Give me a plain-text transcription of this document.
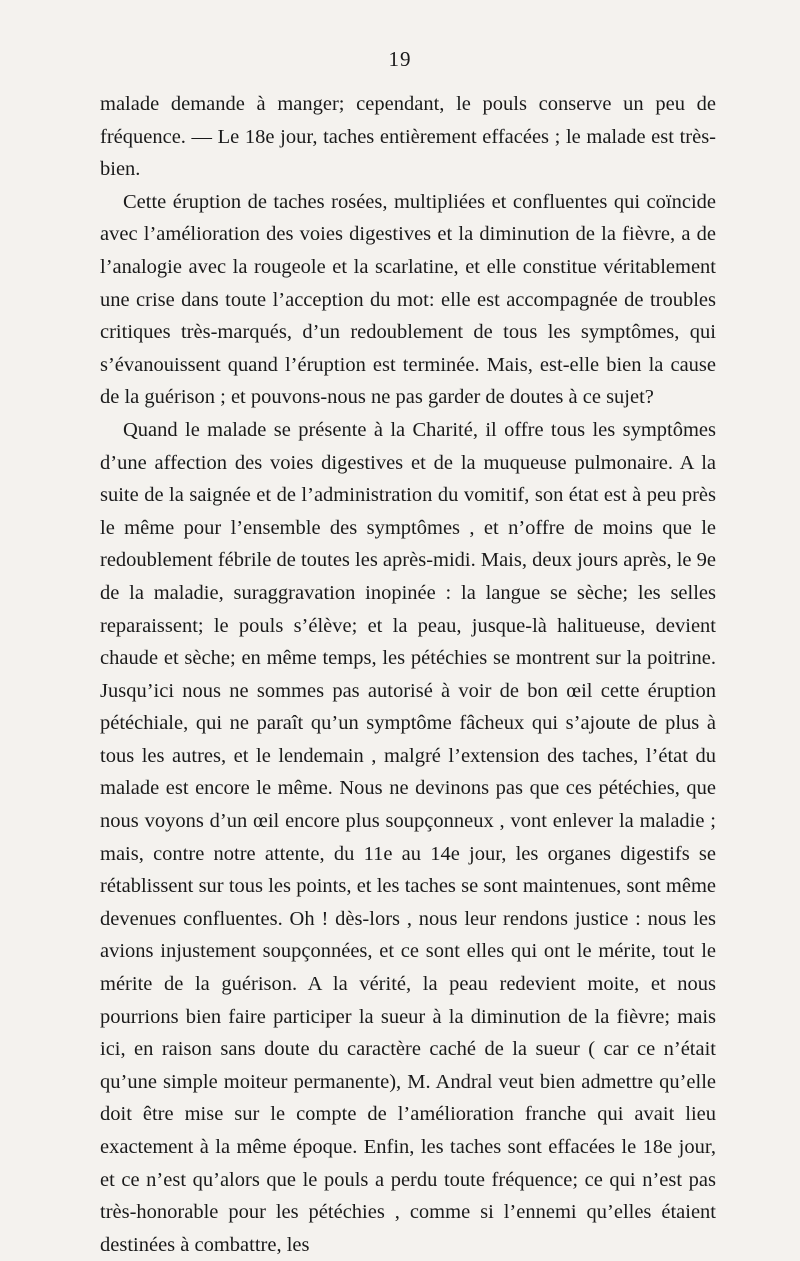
19

malade demande à manger; cependant, le pouls conserve un peu de fréquence. — Le 18e jour, taches entièrement effacées ; le malade est très-bien.

Cette éruption de taches rosées, multipliées et confluentes qui coïncide avec l’amélioration des voies digestives et la diminution de la fièvre, a de l’analogie avec la rougeole et la scarlatine, et elle constitue véritablement une crise dans toute l’acception du mot: elle est accompagnée de troubles critiques très-marqués, d’un redoublement de tous les symptômes, qui s’évanouissent quand l’éruption est terminée. Mais, est-elle bien la cause de la guérison ; et pouvons-nous ne pas garder de doutes à ce sujet?

Quand le malade se présente à la Charité, il offre tous les symptômes d’une affection des voies digestives et de la muqueuse pulmonaire. A la suite de la saignée et de l’administration du vomitif, son état est à peu près le même pour l’ensemble des symptômes , et n’offre de moins que le redoublement fébrile de toutes les après-midi. Mais, deux jours après, le 9e de la maladie, suraggravation inopinée : la langue se sèche; les selles reparaissent; le pouls s’élève; et la peau, jusque-là halitueuse, devient chaude et sèche; en même temps, les pétéchies se montrent sur la poitrine. Jusqu’ici nous ne sommes pas autorisé à voir de bon œil cette éruption pétéchiale, qui ne paraît qu’un symptôme fâcheux qui s’ajoute de plus à tous les autres, et le lendemain , malgré l’extension des taches, l’état du malade est encore le même. Nous ne devinons pas que ces pétéchies, que nous voyons d’un œil encore plus soupçonneux , vont enlever la maladie ; mais, contre notre attente, du 11e au 14e jour, les organes digestifs se rétablissent sur tous les points, et les taches se sont maintenues, sont même devenues confluentes. Oh ! dès-lors , nous leur rendons justice : nous les avions injustement soupçonnées, et ce sont elles qui ont le mérite, tout le mérite de la guérison. A la vérité, la peau redevient moite, et nous pourrions bien faire participer la sueur à la diminution de la fièvre; mais ici, en raison sans doute du caractère caché de la sueur ( car ce n’était qu’une simple moiteur permanente), M. Andral veut bien admettre qu’elle doit être mise sur le compte de l’amélioration franche qui avait lieu exactement à la même époque. Enfin, les taches sont effacées le 18e jour, et ce n’est qu’alors que le pouls a perdu toute fréquence; ce qui n’est pas très-honorable pour les pétéchies , comme si l’ennemi qu’elles étaient destinées à combattre, les
